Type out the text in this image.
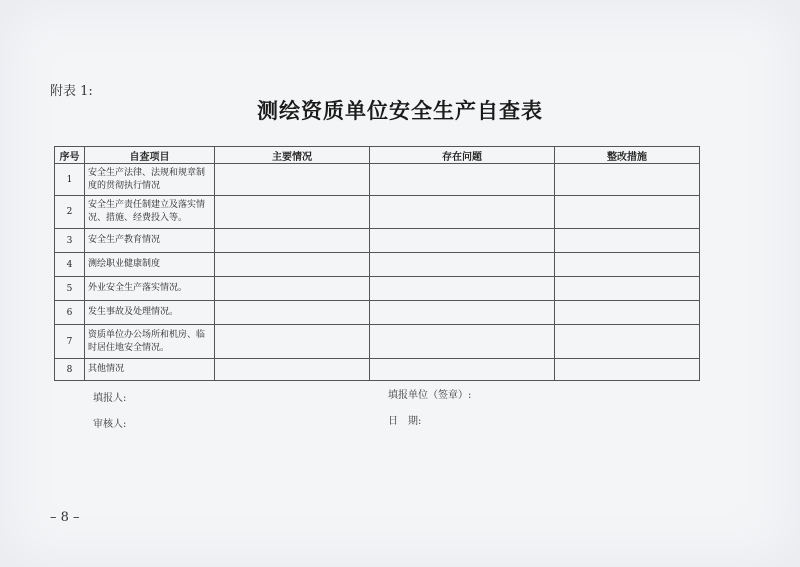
附表 1:
测绘资质单位安全生产自查表
序号	自查项目	主要情况	存在问题	整改措施
1	安全生产法律、法规和规章制度的贯彻执行情况			
2	安全生产责任制建立及落实情况、措施、经费投入等。			
3	安全生产教育情况			
4	测绘职业健康制度			
5	外业安全生产落实情况。			
6	发生事故及处理情况。			
7	资质单位办公场所和机房、临时居住地安全情况。			
8	其他情况			
填报人:	填报单位（签章）:
审核人:	日　期:
– 8 –
